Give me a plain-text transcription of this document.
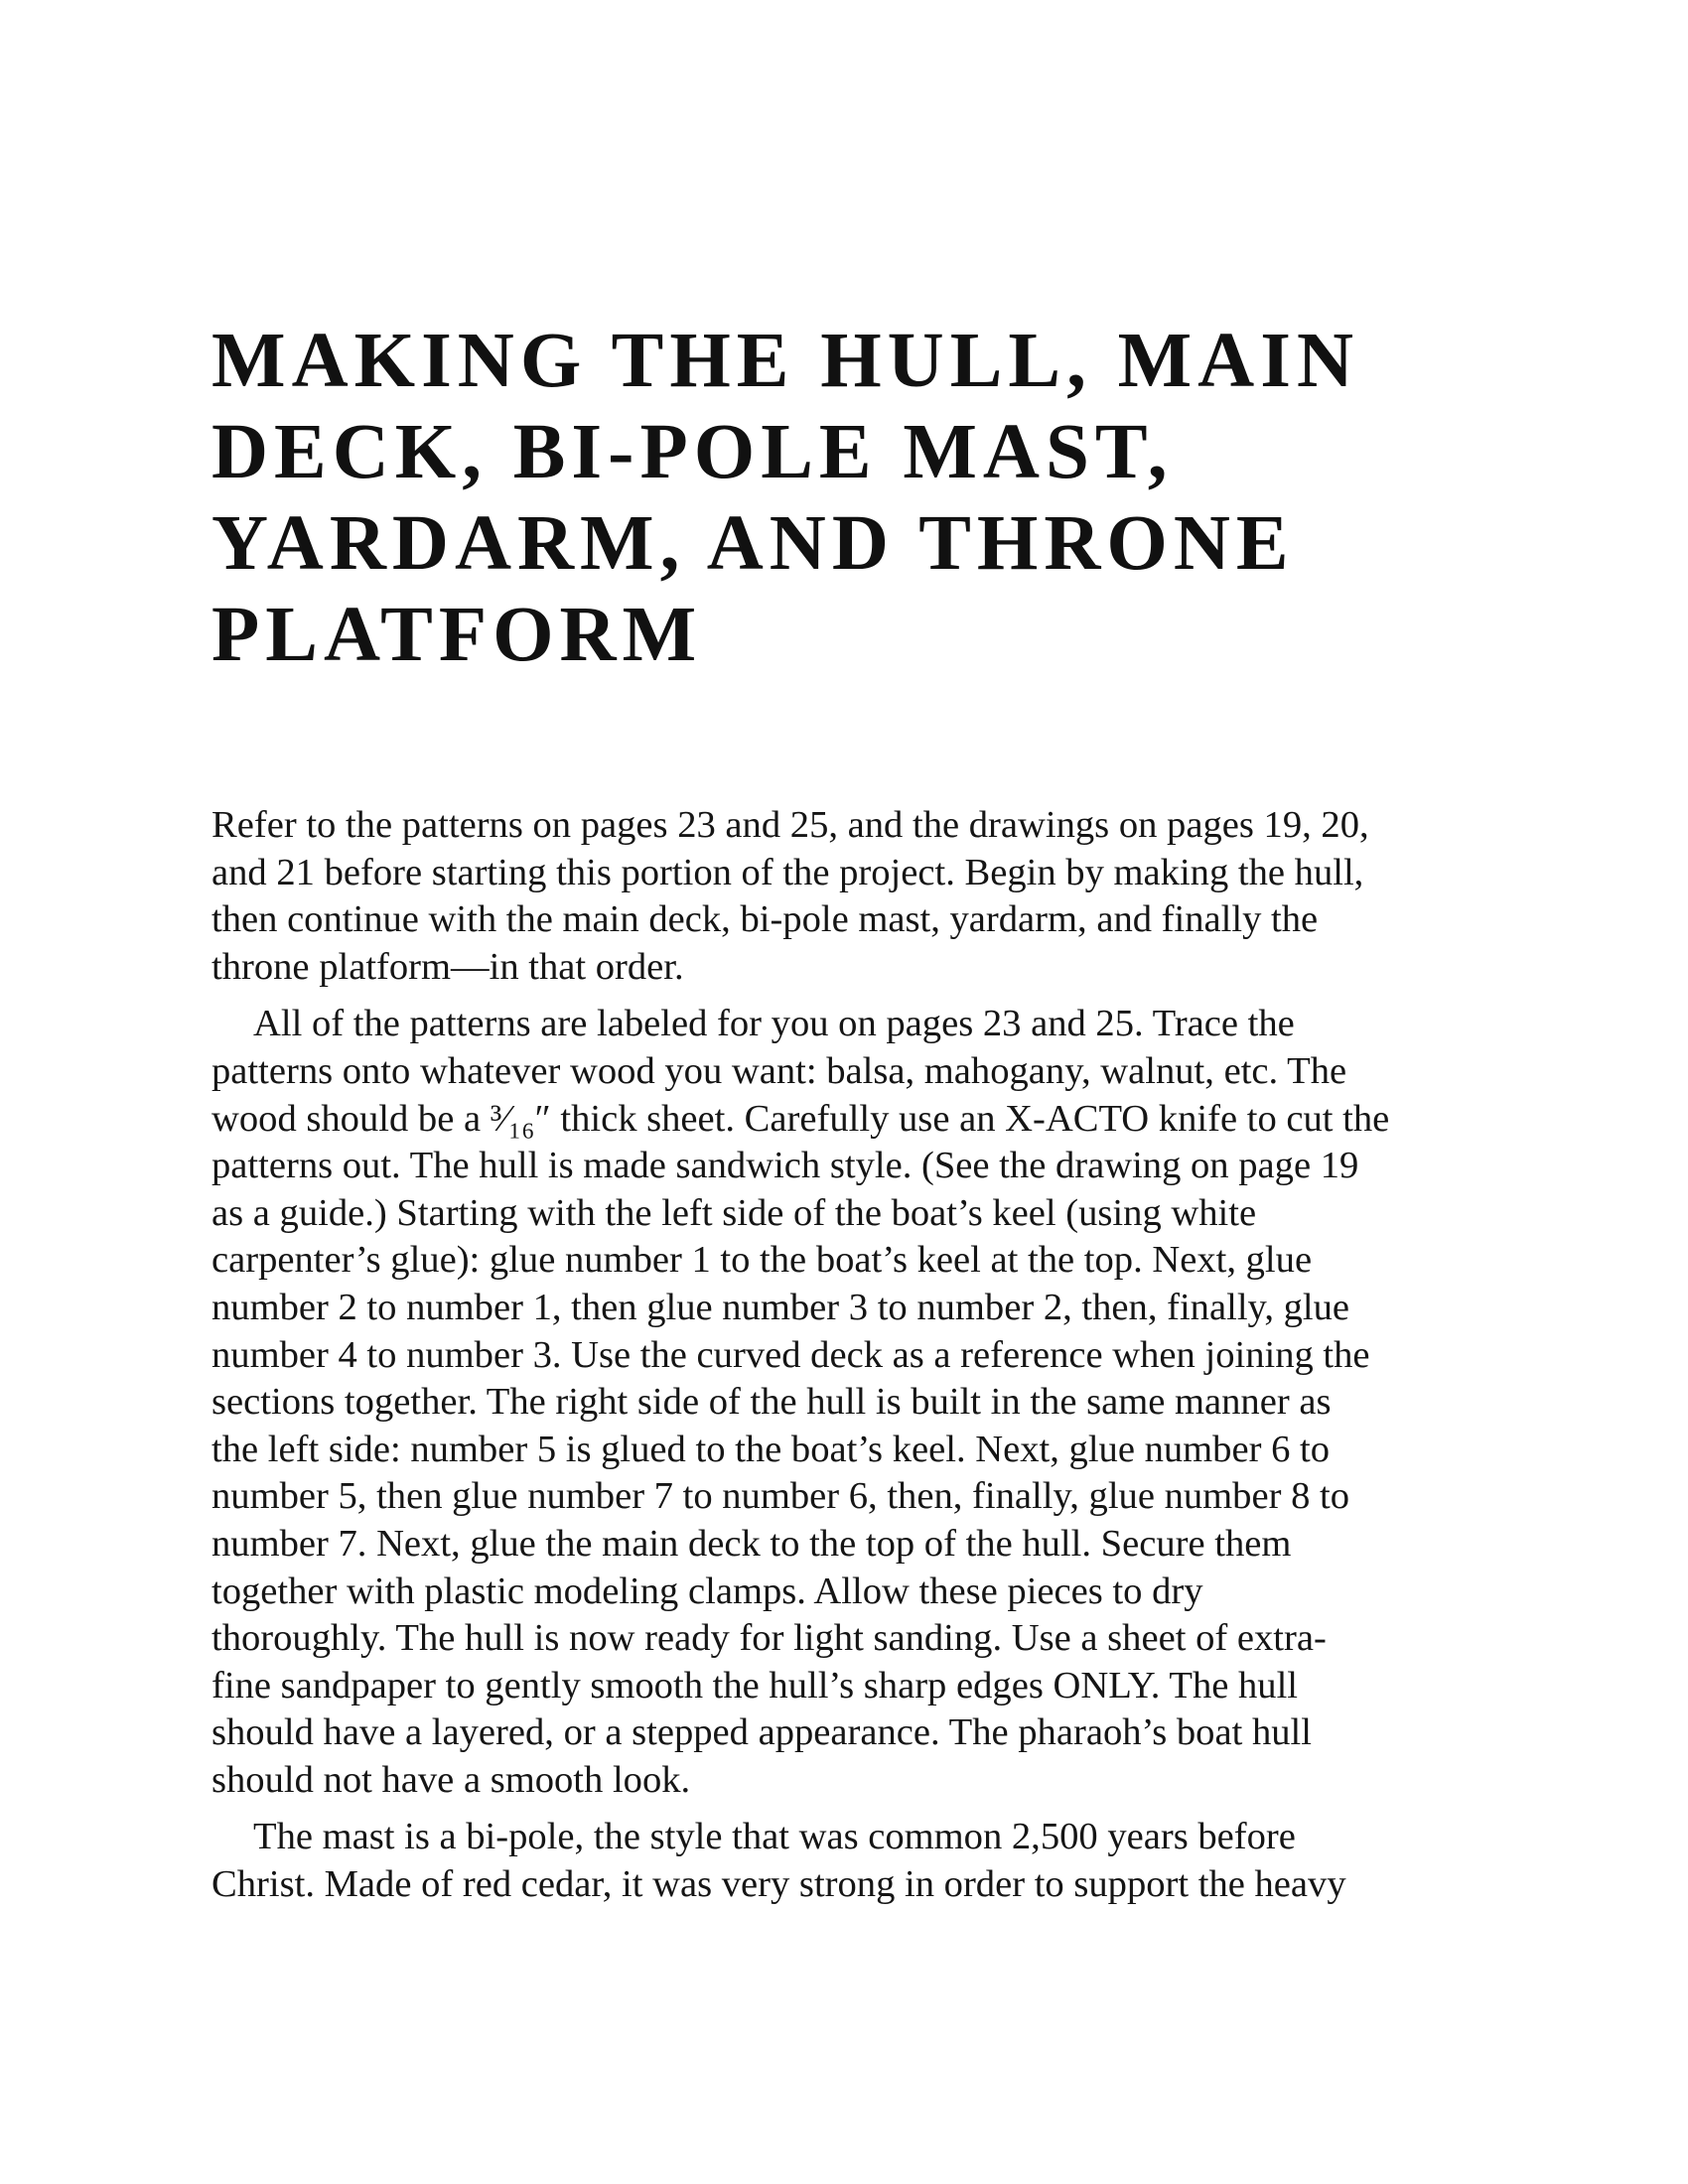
MAKING THE HULL, MAIN DECK, BI-POLE MAST, YARDARM, AND THRONE PLATFORM

Refer to the patterns on pages 23 and 25, and the drawings on pages 19, 20,
and 21 before starting this portion of the project. Begin by making the hull,
then continue with the main deck, bi-pole mast, yardarm, and finally the
throne platform—in that order.

All of the patterns are labeled for you on pages 23 and 25. Trace the
patterns onto whatever wood you want: balsa, mahogany, walnut, etc. The
wood should be a ³⁄₁₆″ thick sheet. Carefully use an X-ACTO knife to cut the
patterns out. The hull is made sandwich style. (See the drawing on page 19
as a guide.) Starting with the left side of the boat’s keel (using white
carpenter’s glue): glue number 1 to the boat’s keel at the top. Next, glue
number 2 to number 1, then glue number 3 to number 2, then, finally, glue
number 4 to number 3. Use the curved deck as a reference when joining the
sections together. The right side of the hull is built in the same manner as
the left side: number 5 is glued to the boat’s keel. Next, glue number 6 to
number 5, then glue number 7 to number 6, then, finally, glue number 8 to
number 7. Next, glue the main deck to the top of the hull. Secure them
together with plastic modeling clamps. Allow these pieces to dry
thoroughly. The hull is now ready for light sanding. Use a sheet of extra-
fine sandpaper to gently smooth the hull’s sharp edges ONLY. The hull
should have a layered, or a stepped appearance. The pharaoh’s boat hull
should not have a smooth look.

The mast is a bi-pole, the style that was common 2,500 years before
Christ. Made of red cedar, it was very strong in order to support the heavy
